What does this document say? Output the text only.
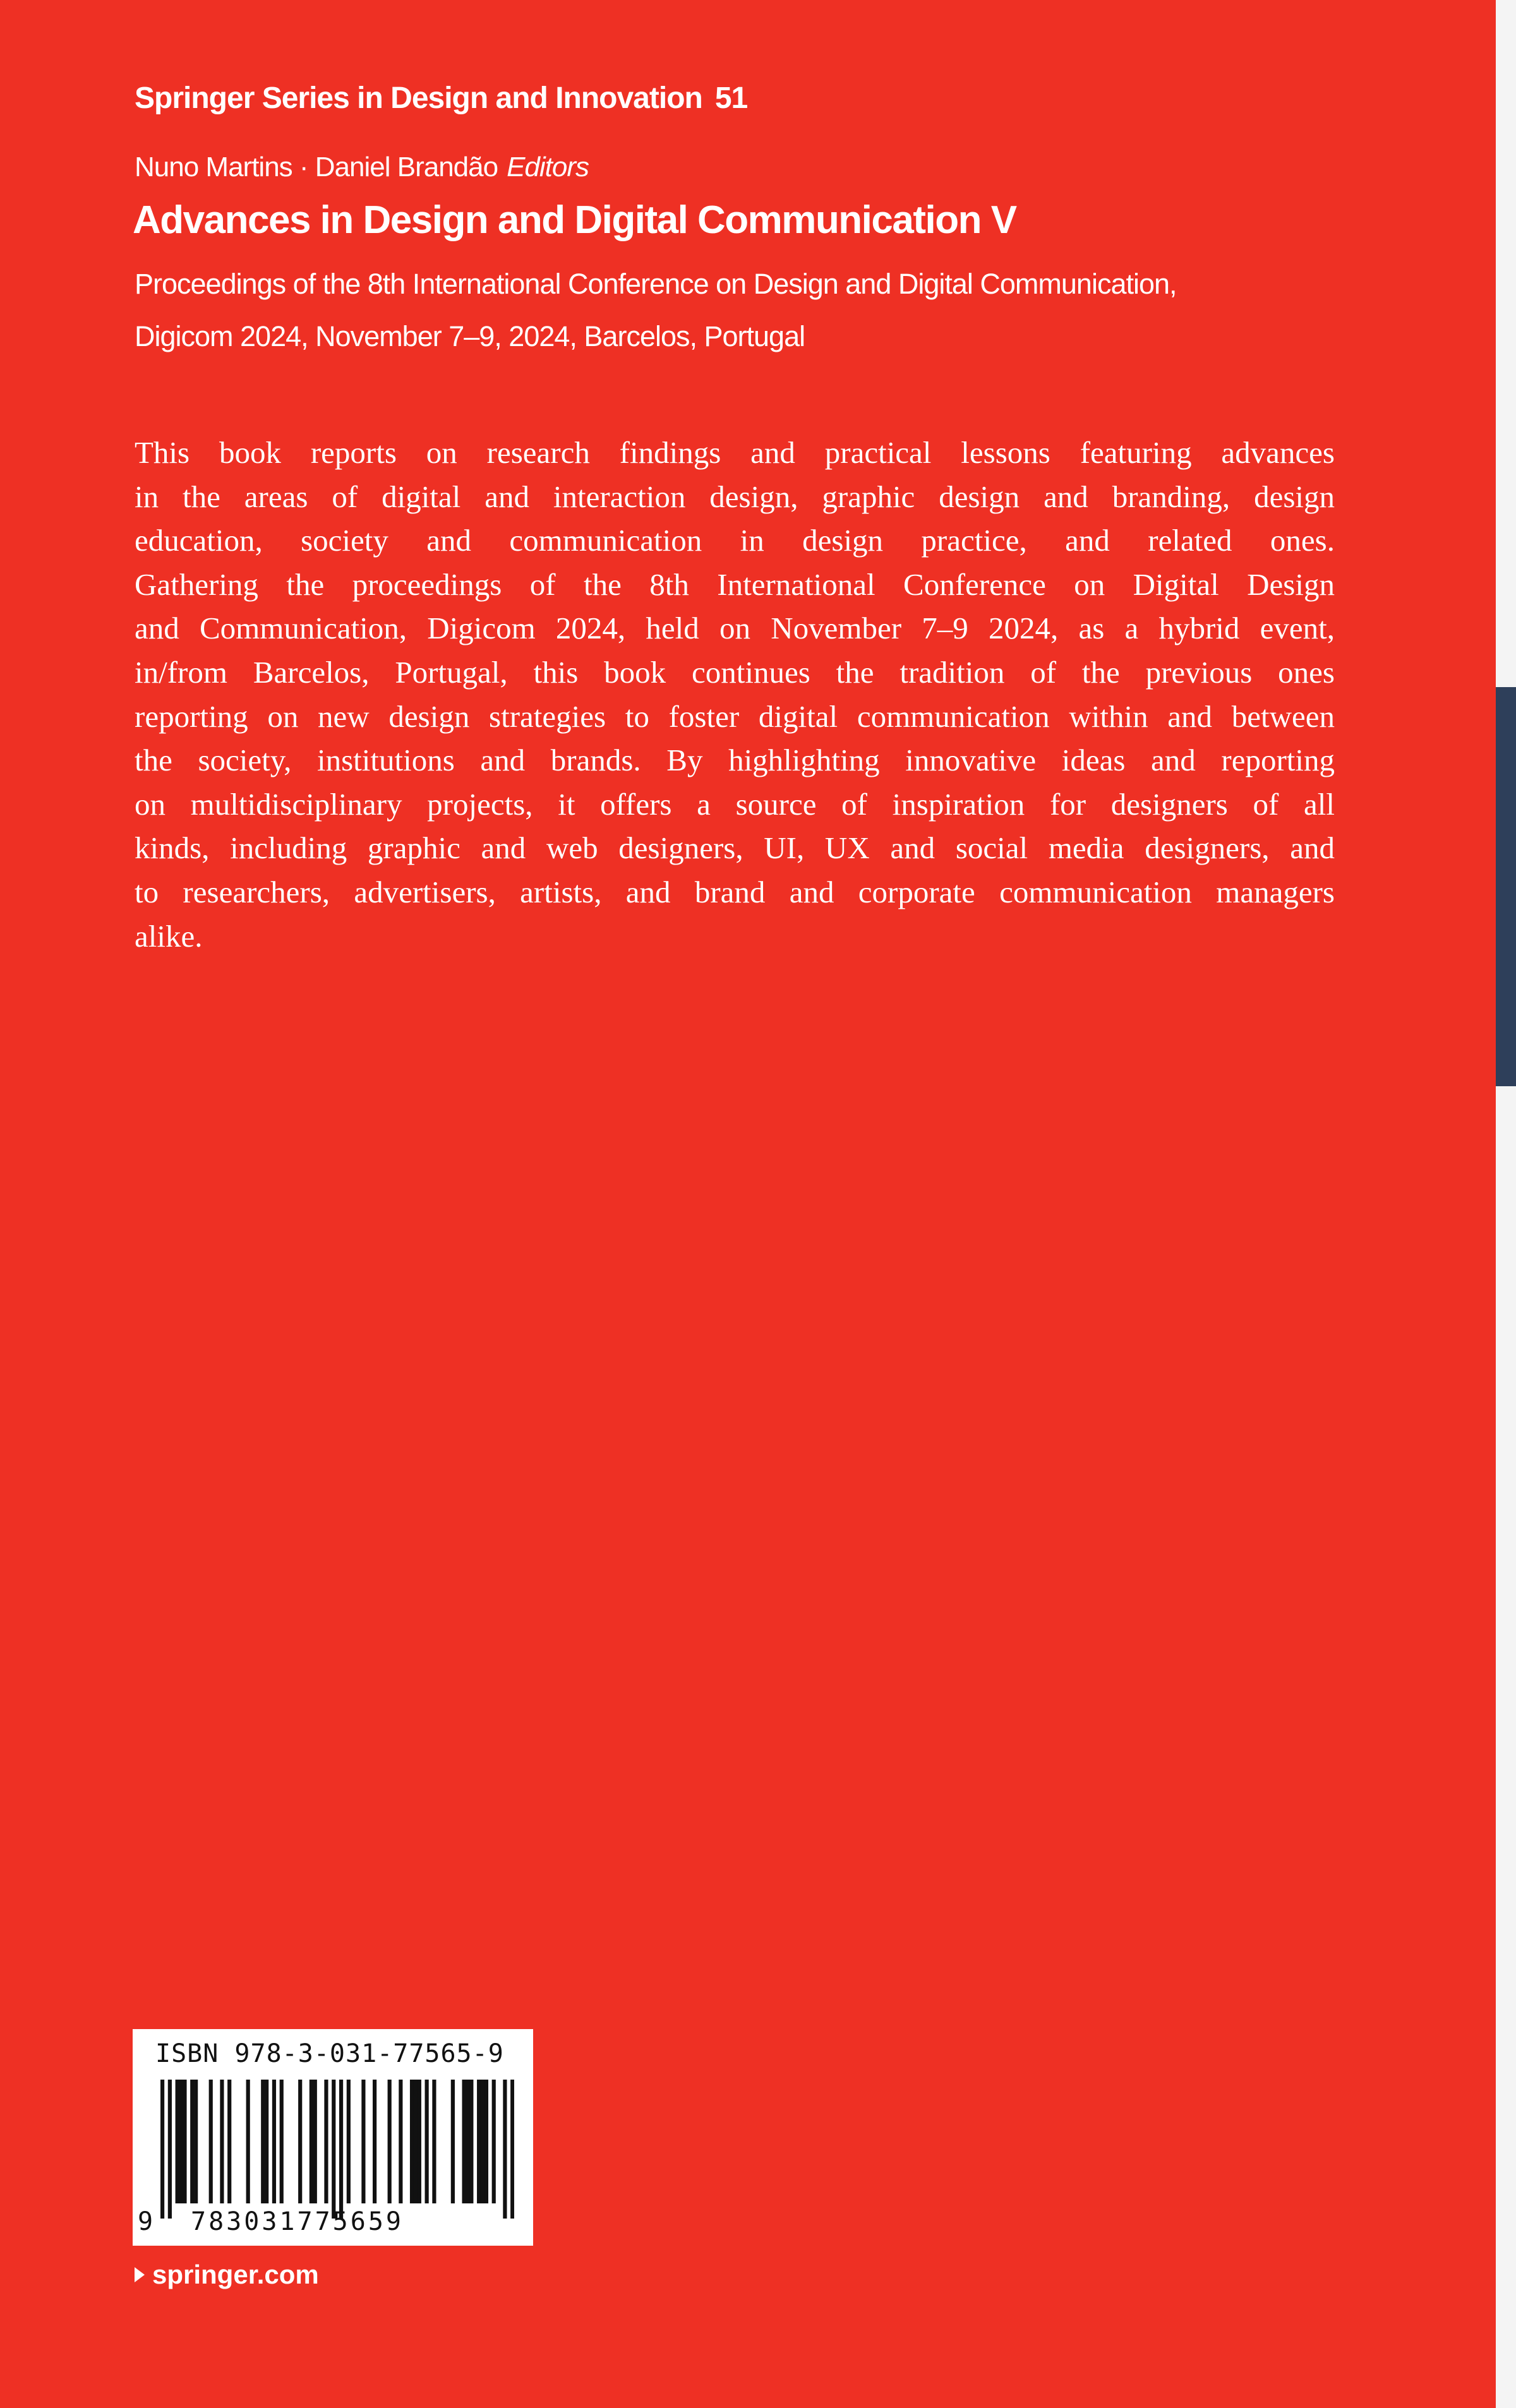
Springer Series in Design and Innovation 51
Nuno Martins · Daniel Brandão Editors
Advances in Design and Digital Communication V
Proceedings of the 8th International Conference on Design and Digital Communication,
Digicom 2024, November 7–9, 2024, Barcelos, Portugal
This book reports on research findings and practical lessons featuring advances
in the areas of digital and interaction design, graphic design and branding, design
education, society and communication in design practice, and related ones.
Gathering the proceedings of the 8th International Conference on Digital Design
and Communication, Digicom 2024, held on November 7–9 2024, as a hybrid event,
in/from Barcelos, Portugal, this book continues the tradition of the previous ones
reporting on new design strategies to foster digital communication within and between
the society, institutions and brands. By highlighting innovative ideas and reporting
on multidisciplinary projects, it offers a source of inspiration for designers of all
kinds, including graphic and web designers, UI, UX and social media designers, and
to researchers, advertisers, artists, and brand and corporate communication managers
alike.
ISBN 978-3-031-77565-9
9 783031775659
springer.com
